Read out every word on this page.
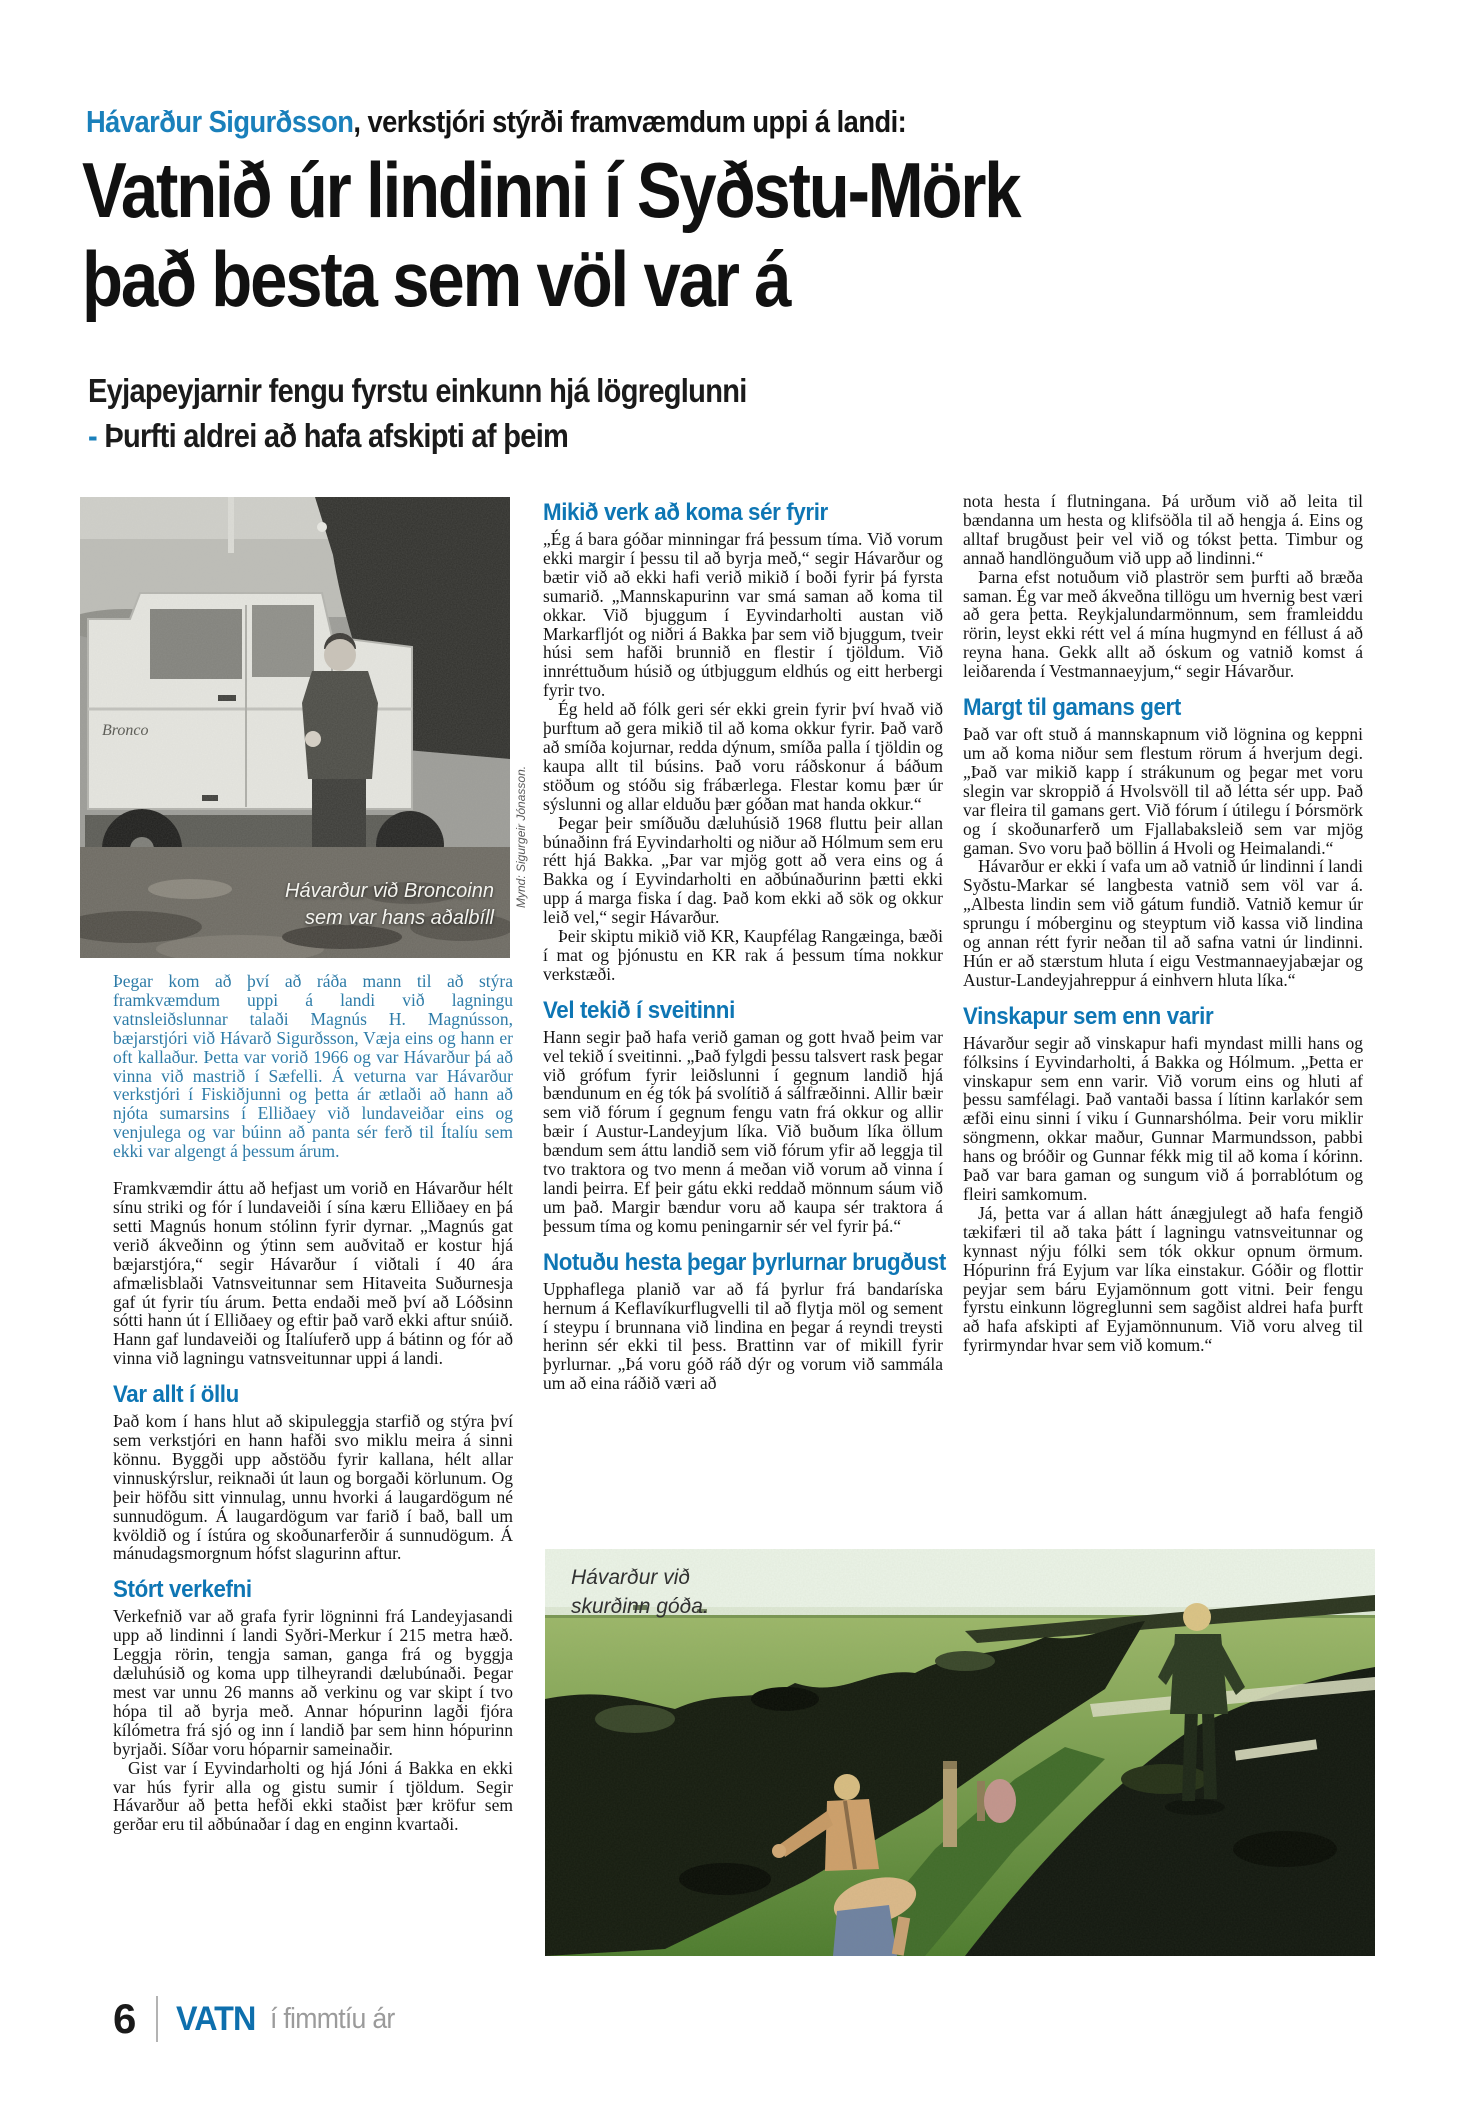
Hávarður Sigurðsson, verkstjóri stýrði framvæmdum uppi á landi:
Vatnið úr lindinni í Syðstu-Mörk
það besta sem völ var á
Eyjapeyjarnir fengu fyrstu einkunn hjá lögreglunni
- Þurfti aldrei að hafa afskipti af þeim
Hávarður við Broncoinn
sem var hans aðalbíll
Mynd: Sigurgeir Jónasson.

Þegar kom að því að ráða mann til að stýra framkvæmdum uppi á landi við lagningu vatnsleiðslunnar talaði Magnús H. Magnússon, bæjarstjóri við Hávarð Sigurðsson, Væja eins og hann er oft kallaður. Þetta var vorið 1966 og var Hávarður þá að vinna við mastrið í Sæfelli. Á veturna var Hávarður verkstjóri í Fiskiðjunni og þetta ár ætlaði að hann að njóta sumarsins í Elliðaey við lundaveiðar eins og venjulega og var búinn að panta sér ferð til Ítalíu sem ekki var algengt á þessum árum.

Framkvæmdir áttu að hefjast um vorið en Hávarður hélt sínu striki og fór í lundaveiði í sína kæru Elliðaey en þá setti Magnús honum stólinn fyrir dyrnar. „Magnús gat verið ákveðinn og ýtinn sem auðvitað er kostur hjá bæjarstjóra,“ segir Hávarður í viðtali í 40 ára afmælisblaði Vatnsveitunnar sem Hitaveita Suðurnesja gaf út fyrir tíu árum. Þetta endaði með því að Lóðsinn sótti hann út í Elliðaey og eftir það varð ekki aftur snúið. Hann gaf lundaveiði og Ítalíuferð upp á bátinn og fór að vinna við lagningu vatnsveitunnar uppi á landi.

Var allt í öllu

Það kom í hans hlut að skipuleggja starfið og stýra því sem verkstjóri en hann hafði svo miklu meira á sinni könnu. Byggði upp aðstöðu fyrir kallana, hélt allar vinnuskýrslur, reiknaði út laun og borgaði körlunum. Og þeir höfðu sitt vinnulag, unnu hvorki á laugardögum né sunnudögum. Á laugardögum var farið í bað, ball um kvöldið og í ístúra og skoðunarferðir á sunnudögum. Á mánudagsmorgnum hófst slagurinn aftur.

Stórt verkefni

Verkefnið var að grafa fyrir lögninni frá Landeyjasandi upp að lindinni í landi Syðri-Merkur í 215 metra hæð. Leggja rörin, tengja saman, ganga frá og byggja dæluhúsið og koma upp tilheyrandi dælubúnaði. Þegar mest var unnu 26 manns að verkinu og var skipt í tvo hópa til að byrja með. Annar hópurinn lagði fjóra kílómetra frá sjó og inn í landið þar sem hinn hópurinn byrjaði. Síðar voru hóparnir sameinaðir.

Gist var í Eyvindarholti og hjá Jóni á Bakka en ekki var hús fyrir alla og gistu sumir í tjöldum. Segir Hávarður að þetta hefði ekki staðist þær kröfur sem gerðar eru til aðbúnaðar í dag en enginn kvartaði.

Mikið verk að koma sér fyrir

„Ég á bara góðar minningar frá þessum tíma. Við vorum ekki margir í þessu til að byrja með,“ segir Hávarður og bætir við að ekki hafi verið mikið í boði fyrir þá fyrsta sumarið. „Mannskapurinn var smá saman að koma til okkar. Við bjuggum í Eyvindarholti austan við Markarfljót og niðri á Bakka þar sem við bjuggum, tveir húsi sem hafði brunnið en flestir í tjöldum. Við innréttuðum húsið og útbjuggum eldhús og eitt herbergi fyrir tvo.

Ég held að fólk geri sér ekki grein fyrir því hvað við þurftum að gera mikið til að koma okkur fyrir. Það varð að smíða kojurnar, redda dýnum, smíða palla í tjöldin og kaupa allt til búsins. Það voru ráðskonur á báðum stöðum og stóðu sig frábærlega. Flestar komu þær úr sýslunni og allar elduðu þær góðan mat handa okkur.“

Þegar þeir smíðuðu dæluhúsið 1968 fluttu þeir allan búnaðinn frá Eyvindarholti og niður að Hólmum sem eru rétt hjá Bakka. „Þar var mjög gott að vera eins og á Bakka og í Eyvindarholti en aðbúnaðurinn þætti ekki upp á marga fiska í dag. Það kom ekki að sök og okkur leið vel,“ segir Hávarður.

Þeir skiptu mikið við KR, Kaupfélag Rangæinga, bæði í mat og þjónustu en KR rak á þessum tíma nokkur verkstæði.

Vel tekið í sveitinni

Hann segir það hafa verið gaman og gott hvað þeim var vel tekið í sveitinni. „Það fylgdi þessu talsvert rask þegar við grófum fyrir leiðslunni í gegnum landið hjá bændunum en ég tók þá svolítið á sálfræðinni. Allir bæir sem við fórum í gegnum fengu vatn frá okkur og allir bæir í Austur-Landeyjum líka. Við buðum líka öllum bændum sem áttu landið sem við fórum yfir að leggja til tvo traktora og tvo menn á meðan við vorum að vinna í landi þeirra. Ef þeir gátu ekki reddað mönnum sáum við um það. Margir bændur voru að kaupa sér traktora á þessum tíma og komu peningarnir sér vel fyrir þá.“

Notuðu hesta þegar þyrlurnar brugðust

Upphaflega planið var að fá þyrlur frá bandaríska hernum á Keflavíkurflugvelli til að flytja möl og sement í steypu í brunnana við lindina en þegar á reyndi treysti herinn sér ekki til þess. Brattinn var of mikill fyrir þyrlurnar. „Þá voru góð ráð dýr og vorum við sammála um að eina ráðið væri að

nota hesta í flutningana. Þá urðum við að leita til bændanna um hesta og klifsöðla til að hengja á. Eins og alltaf brugðust þeir vel við og tókst þetta. Timbur og annað handlönguðum við upp að lindinni.“

Þarna efst notuðum við plaströr sem þurfti að bræða saman. Ég var með ákveðna tillögu um hvernig best væri að gera þetta. Reykjalundarmönnum, sem framleiddu rörin, leyst ekki rétt vel á mína hugmynd en féllust á að reyna hana. Gekk allt að óskum og vatnið komst á leiðarenda í Vestmannaeyjum,“ segir Hávarður.

Margt til gamans gert

Það var oft stuð á mannskapnum við lögnina og keppni um að koma niður sem flestum rörum á hverjum degi. „Það var mikið kapp í strákunum og þegar met voru slegin var skroppið á Hvolsvöll til að létta sér upp. Það var fleira til gamans gert. Við fórum í útilegu í Þórsmörk og í skoðunarferð um Fjallabaksleið sem var mjög gaman. Svo voru það böllin á Hvoli og Heimalandi.“

Hávarður er ekki í vafa um að vatnið úr lindinni í landi Syðstu-Markar sé langbesta vatnið sem völ var á. „Albesta lindin sem við gátum fundið. Vatnið kemur úr sprungu í móberginu og steyptum við kassa við lindina og annan rétt fyrir neðan til að safna vatni úr lindinni. Hún er að stærstum hluta í eigu Vestmannaeyjabæjar og Austur-Landeyjahreppur á einhvern hluta líka.“

Vinskapur sem enn varir

Hávarður segir að vinskapur hafi myndast milli hans og fólksins í Eyvindarholti, á Bakka og Hólmum. „Þetta er vinskapur sem enn varir. Við vorum eins og hluti af þessu samfélagi. Það vantaði bassa í lítinn karlakór sem æfði einu sinni í viku í Gunnarshólma. Þeir voru miklir söngmenn, okkar maður, Gunnar Marmundsson, pabbi hans og bróðir og Gunnar fékk mig til að koma í kórinn. Það var bara gaman og sungum við á þorrablótum og fleiri samkomum.

Já, þetta var á allan hátt ánægjulegt að hafa fengið tækifæri til að taka þátt í lagningu vatnsveitunnar og kynnast nýju fólki sem tók okkur opnum örmum. Hópurinn frá Eyjum var líka einstakur. Góðir og flottir peyjar sem báru Eyjamönnum gott vitni. Þeir fengu fyrstu einkunn lögreglunni sem sagðist aldrei hafa þurft að hafa afskipti af Eyjamönnunum. Við voru alveg til fyrirmyndar hvar sem við komum.“

Hávarður við
skurðinn góða.
6 VATN í fimmtíu ár
